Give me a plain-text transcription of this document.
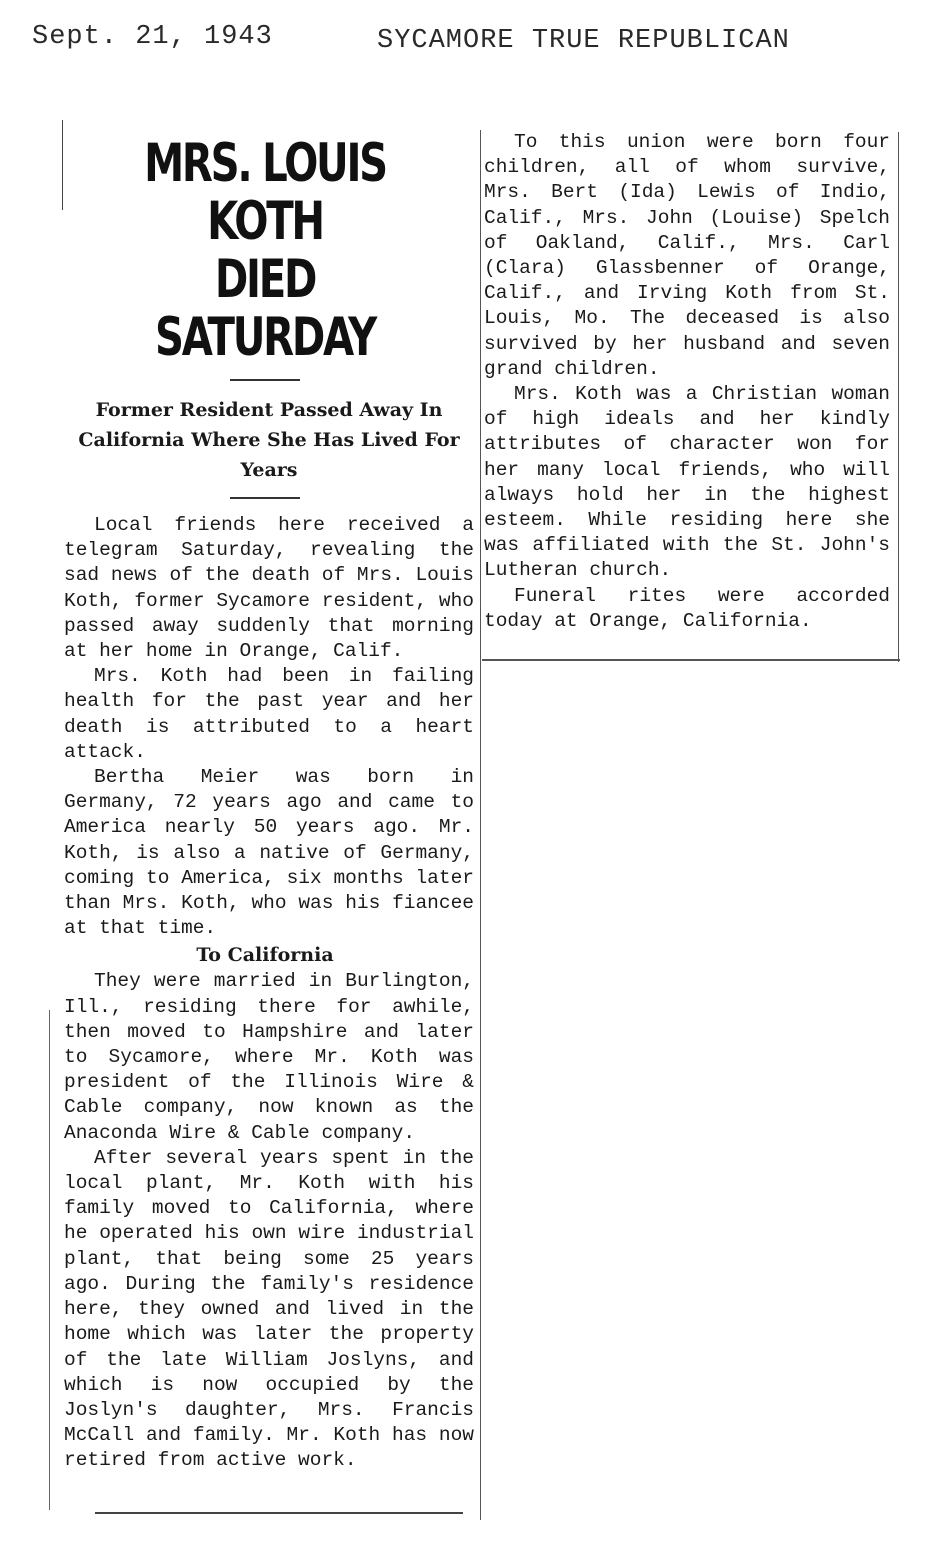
Sept. 21, 1943	SYCAMORE TRUE REPUBLICAN
MRS. LOUIS KOTH
DIED SATURDAY

Former Resident Passed Away In California Where She Has Lived For Years

Local friends here received a telegram Saturday, revealing the sad news of the death of Mrs. Louis Koth, former Sycamore resident, who passed away suddenly that morning at her home in Orange, Calif.

Mrs. Koth had been in failing health for the past year and her death is attributed to a heart attack.

Bertha Meier was born in Germany, 72 years ago and came to America nearly 50 years ago. Mr. Koth, is also a native of Germany, coming to America, six months later than Mrs. Koth, who was his fiancee at that time.

To California

They were married in Burlington, Ill., residing there for awhile, then moved to Hampshire and later to Sycamore, where Mr. Koth was president of the Illinois Wire & Cable company, now known as the Anaconda Wire & Cable company.

After several years spent in the local plant, Mr. Koth with his family moved to California, where he operated his own wire industrial plant, that being some 25 years ago. During the family's residence here, they owned and lived in the home which was later the property of the late William Joslyns, and which is now occupied by the Joslyn's daughter, Mrs. Francis McCall and family. Mr. Koth has now retired from active work.

To this union were born four children, all of whom survive, Mrs. Bert (Ida) Lewis of Indio, Calif., Mrs. John (Louise) Spelch of Oakland, Calif., Mrs. Carl (Clara) Glassbenner of Orange, Calif., and Irving Koth from St. Louis, Mo. The deceased is also survived by her husband and seven grand children.

Mrs. Koth was a Christian woman of high ideals and her kindly attributes of character won for her many local friends, who will always hold her in the highest esteem. While residing here she was affiliated with the St. John's Lutheran church.

Funeral rites were accorded today at Orange, California.
